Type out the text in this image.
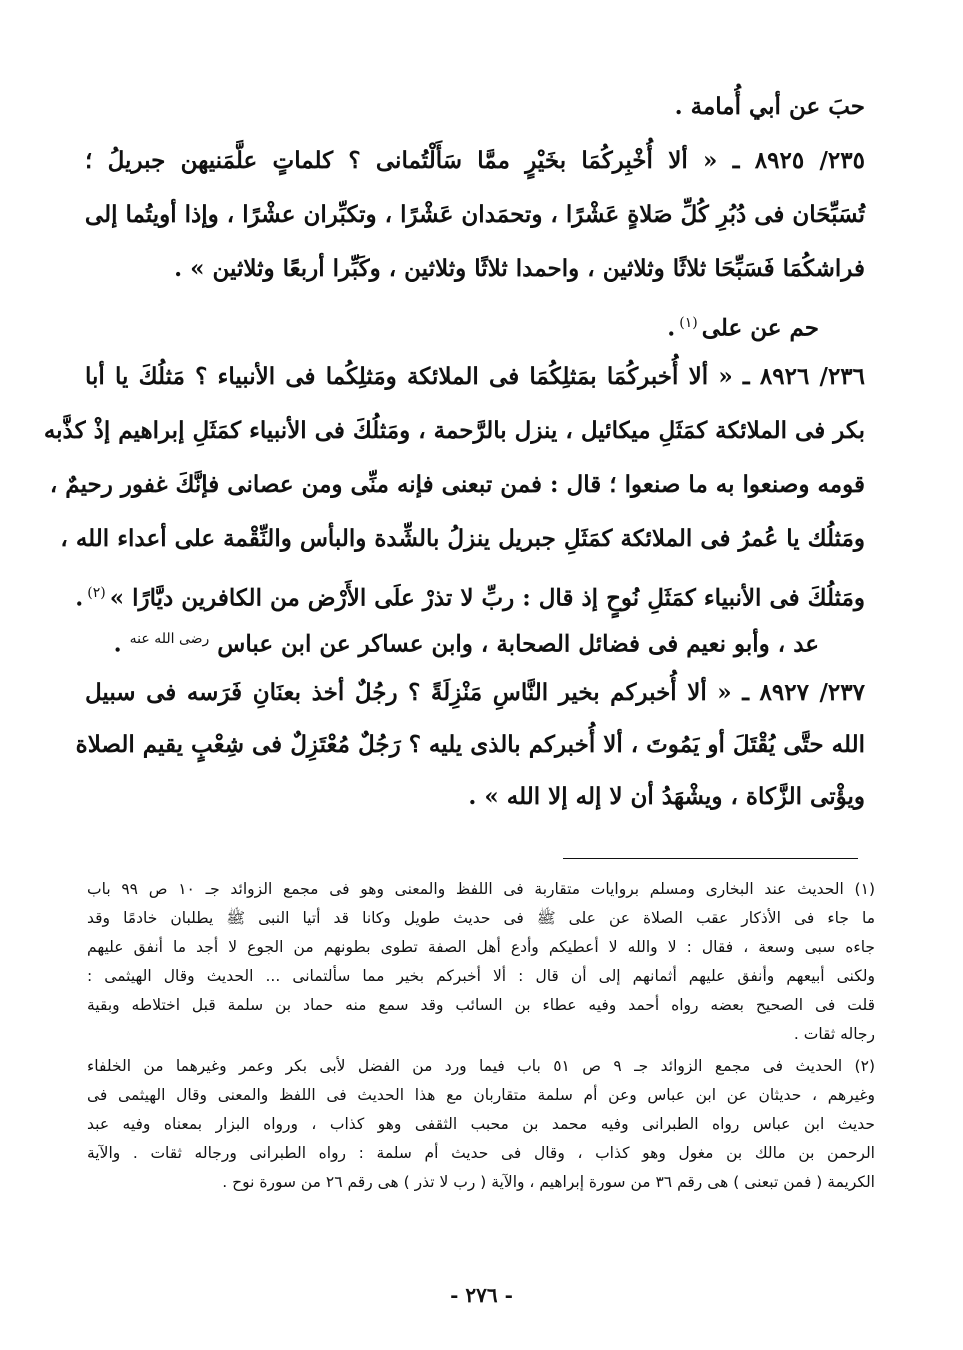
حبَ عن أبي أُمامة .
٢٣٥/ ٨٩٢٥ ـ « ألا أُخْبِركُمَا بخَيْرٍ ممَّا سَأَلْتُمانى ؟ كلماتٍ علَّمَنيهن جبريلُ ؛
تُسَبِّحَان فى دُبُرِ كُلِّ صَلاةٍ عَشْرًا ، وتحمَدان عَشْرًا ، وتكبِّران عشْرًا ، وإذا أويتُما إلى
فراشكُمَا فَسَبِّحَا ثلاثًا وثلاثين ، واحمدا ثلاثًا وثلاثين ، وكَبِّرا أربعًا وثلاثين » .
حم عن على$^{(١)}$.
٢٣٦/ ٨٩٢٦ ـ « ألا أُخبركُمَا بمَثلِكُمَا فى الملائكة ومَثلِكُما فى الأنبياء ؟ مَثلُكَ يا أبا
بكر فى الملائكة كمَثَلِ ميكائيل ، ينزل بالرَّحمة ، ومَثلُكَ فى الأنبياء كمَثَلِ إبراهيم إذْ كذَّبه
قومه وصنعوا به ما صنعوا ؛ قال : فمن تبعنى فإنه منِّى ومن عصانى فإنَّكَ غفور رحيمٌ ،
ومَثلُك يا عُمرُ فى الملائكة كمَثَلِ جبريل ينزلُ بالشِّدة والبأس والنِّقْمة على أعداء الله ،
ومَثلُكَ فى الأنبياء كمَثَلِ نُوحٍ إذ قال : ربِّ لا تذرْ علَى الأَرْض من الكافرين ديَّارًا »$^{(٢)}$.
عد ، وأبو نعيم فى فضائل الصحابة ، وابن عساكر عن ابن عباس $^{رضى الله عنه}$ .
٢٣٧/ ٨٩٢٧ ـ « ألا أُخبركم بخير النَّاسِ مَنْزِلَةً ؟ رجُلٌ أخذ بعنَانِ فَرَسه فى سبيل
الله حتَّى يُقْتَلَ أو يَمُوتَ ، ألا أُخبركم بالذى يليه ؟ رَجُلٌ مُعْتَزِلٌ فى شِعْبٍ يقيم الصلاة
ويؤْتى الزَّكاة ، ويشْهَدُ أن لا إله إلا الله » .
(١) الحديث عند البخارى ومسلم بروايات متقاربة فى اللفظ والمعنى وهو فى مجمع الزوائد جـ ١٠ ص ٩٩ باب
ما جاء فى الأذكار عقب الصلاة عن على ﷺ فى حديث طويل وكانا قد أتيا النبى ﷺ يطلبان خادمًا وقد
جاءه سبى وسعة ، فقال : لا والله لا أعطيكم وأدع أهل الصفة تطوى بطونهم من الجوع لا أجد ما أنفق عليهم
ولكنى أبيعهم وأنفق عليهم أثمانهم إلى أن قال : ألا أخبركم بخير مما سألتمانى ... الحديث وقال الهيثمى :
قلت فى الصحيح بعضه رواه أحمد وفيه عطاء بن السائب وقد سمع منه حماد بن سلمة قبل اختلاطه وبقية
رجاله ثقات .
(٢) الحديث فى مجمع الزوائد جـ ٩ ص ٥١ باب فيما ورد من الفضل لأبى بكر وعمر وغيرهما من الخلفاء
وغيرهم ، حديثان عن ابن عباس وعن أم سلمة متقاربان مع هذا الحديث فى اللفظ والمعنى وقال الهيثمى فى
حديث ابن عباس رواه الطبرانى وفيه محمد بن محبب الثقفى وهو كذاب ، ورواه البزار بمعناه وفيه عبد
الرحمن بن مالك بن مغول وهو كذاب ، وقال فى حديث أم سلمة : رواه الطبرانى ورجاله ثقات . والآية
الكريمة ( فمن تبعنى ) هى رقم ٣٦ من سورة إبراهيم ، والآية ( رب لا تذر ) هى رقم ٢٦ من سورة نوح .
- ٢٧٦ -
